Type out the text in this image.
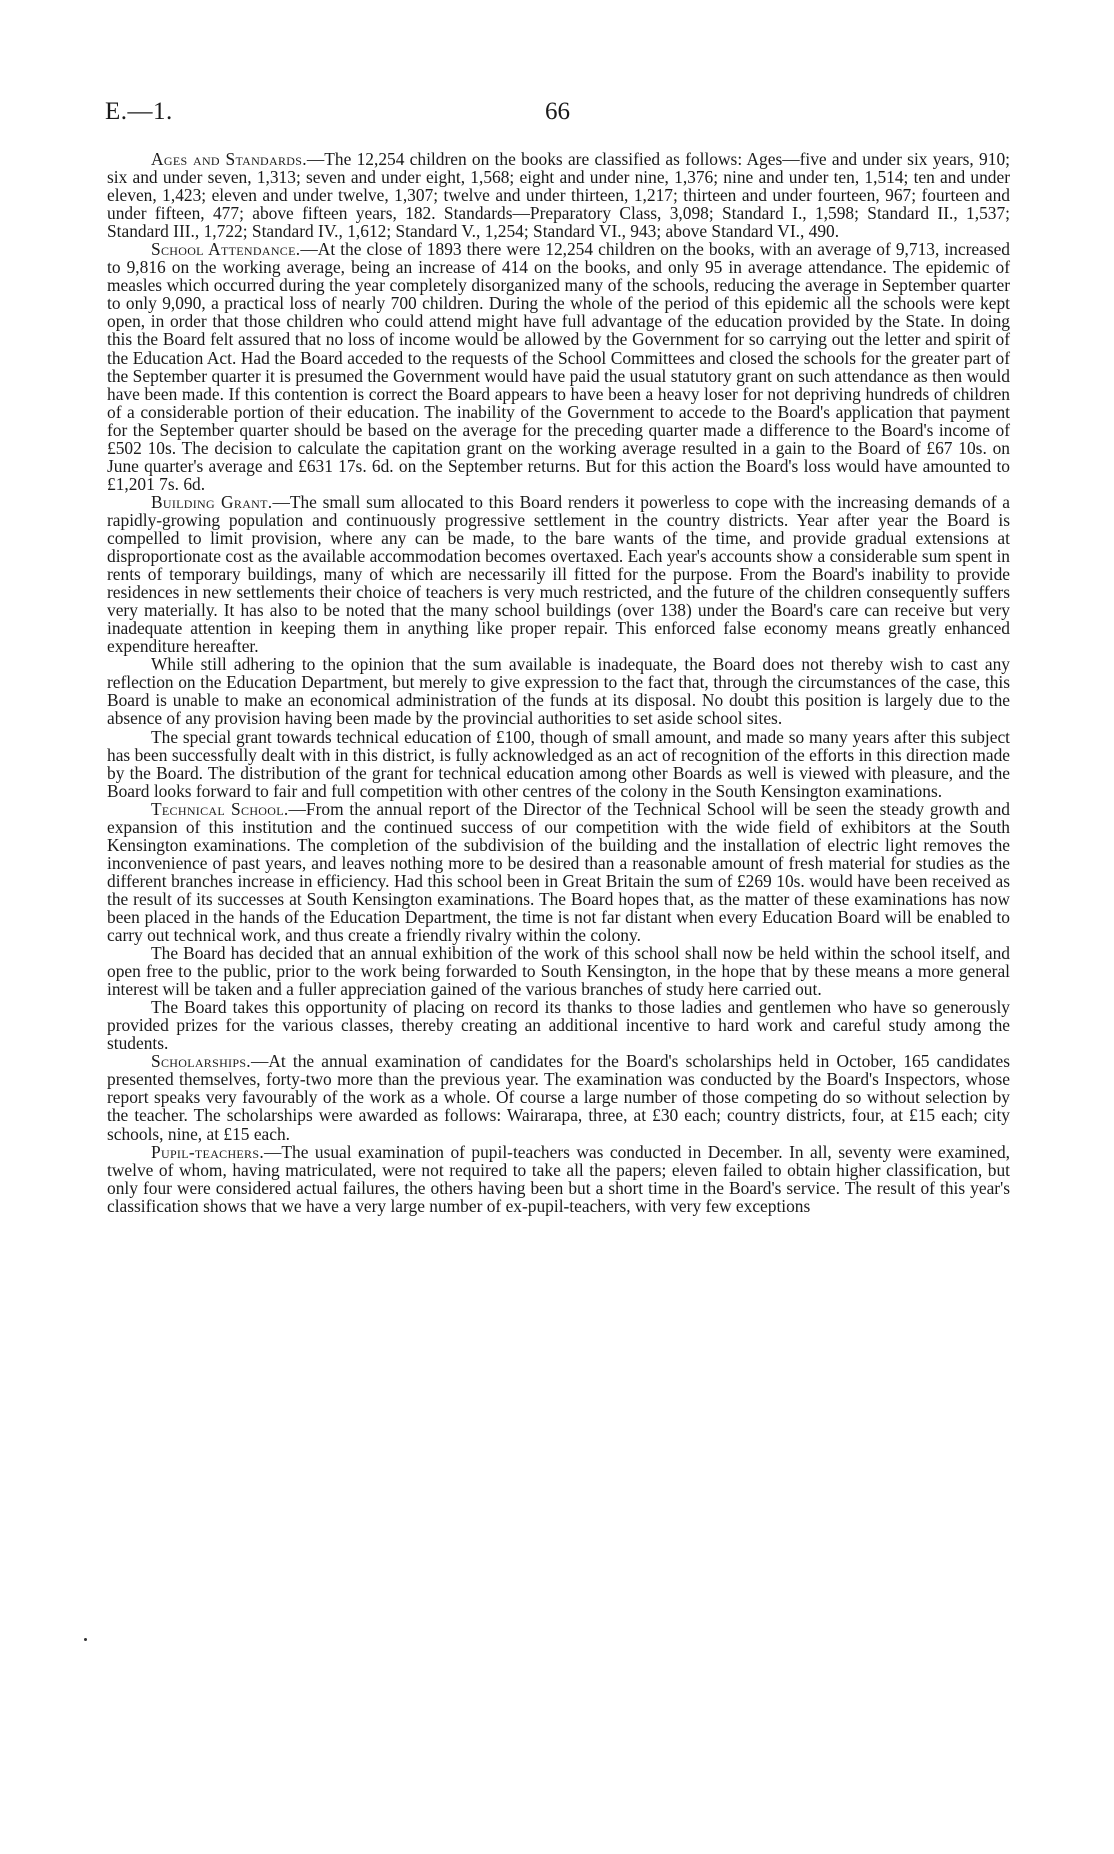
E.—1.	66

Ages and Standards.—The 12,254 children on the books are classified as follows: Ages—five and under six years, 910; six and under seven, 1,313; seven and under eight, 1,568; eight and under nine, 1,376; nine and under ten, 1,514; ten and under eleven, 1,423; eleven and under twelve, 1,307; twelve and under thirteen, 1,217; thirteen and under fourteen, 967; fourteen and under fifteen, 477; above fifteen years, 182. Standards—Preparatory Class, 3,098; Standard I., 1,598; Standard II., 1,537; Standard III., 1,722; Standard IV., 1,612; Standard V., 1,254; Standard VI., 943; above Standard VI., 490.

School Attendance.—At the close of 1893 there were 12,254 children on the books, with an average of 9,713, increased to 9,816 on the working average, being an increase of 414 on the books, and only 95 in average attendance. The epidemic of measles which occurred during the year completely disorganized many of the schools, reducing the average in September quarter to only 9,090, a practical loss of nearly 700 children. During the whole of the period of this epidemic all the schools were kept open, in order that those children who could attend might have full advantage of the education provided by the State. In doing this the Board felt assured that no loss of income would be allowed by the Government for so carrying out the letter and spirit of the Education Act. Had the Board acceded to the requests of the School Committees and closed the schools for the greater part of the September quarter it is presumed the Government would have paid the usual statutory grant on such attendance as then would have been made. If this contention is correct the Board appears to have been a heavy loser for not depriving hundreds of children of a considerable portion of their education. The inability of the Government to accede to the Board's application that payment for the September quarter should be based on the average for the preceding quarter made a difference to the Board's income of £502 10s. The decision to calculate the capitation grant on the working average resulted in a gain to the Board of £67 10s. on June quarter's average and £631 17s. 6d. on the September returns. But for this action the Board's loss would have amounted to £1,201 7s. 6d.

Building Grant.—The small sum allocated to this Board renders it powerless to cope with the increasing demands of a rapidly-growing population and continuously progressive settlement in the country districts. Year after year the Board is compelled to limit provision, where any can be made, to the bare wants of the time, and provide gradual extensions at disproportionate cost as the available accommodation becomes overtaxed. Each year's accounts show a considerable sum spent in rents of temporary buildings, many of which are necessarily ill fitted for the purpose. From the Board's inability to provide residences in new settlements their choice of teachers is very much restricted, and the future of the children consequently suffers very materially. It has also to be noted that the many school buildings (over 138) under the Board's care can receive but very inadequate attention in keeping them in anything like proper repair. This enforced false economy means greatly enhanced expenditure hereafter.

While still adhering to the opinion that the sum available is inadequate, the Board does not thereby wish to cast any reflection on the Education Department, but merely to give expression to the fact that, through the circumstances of the case, this Board is unable to make an economical administration of the funds at its disposal. No doubt this position is largely due to the absence of any provision having been made by the provincial authorities to set aside school sites.

The special grant towards technical education of £100, though of small amount, and made so many years after this subject has been successfully dealt with in this district, is fully acknowledged as an act of recognition of the efforts in this direction made by the Board. The distribution of the grant for technical education among other Boards as well is viewed with pleasure, and the Board looks forward to fair and full competition with other centres of the colony in the South Kensington examinations.

Technical School.—From the annual report of the Director of the Technical School will be seen the steady growth and expansion of this institution and the continued success of our competition with the wide field of exhibitors at the South Kensington examinations. The completion of the subdivision of the building and the installation of electric light removes the inconvenience of past years, and leaves nothing more to be desired than a reasonable amount of fresh material for studies as the different branches increase in efficiency. Had this school been in Great Britain the sum of £269 10s. would have been received as the result of its successes at South Kensington examinations. The Board hopes that, as the matter of these examinations has now been placed in the hands of the Education Department, the time is not far distant when every Education Board will be enabled to carry out technical work, and thus create a friendly rivalry within the colony.

The Board has decided that an annual exhibition of the work of this school shall now be held within the school itself, and open free to the public, prior to the work being forwarded to South Kensington, in the hope that by these means a more general interest will be taken and a fuller appreciation gained of the various branches of study here carried out.

The Board takes this opportunity of placing on record its thanks to those ladies and gentlemen who have so generously provided prizes for the various classes, thereby creating an additional incentive to hard work and careful study among the students.

Scholarships.—At the annual examination of candidates for the Board's scholarships held in October, 165 candidates presented themselves, forty-two more than the previous year. The examination was conducted by the Board's Inspectors, whose report speaks very favourably of the work as a whole. Of course a large number of those competing do so without selection by the teacher. The scholarships were awarded as follows: Wairarapa, three, at £30 each; country districts, four, at £15 each; city schools, nine, at £15 each.

Pupil-teachers.—The usual examination of pupil-teachers was conducted in December. In all, seventy were examined, twelve of whom, having matriculated, were not required to take all the papers; eleven failed to obtain higher classification, but only four were considered actual failures, the others having been but a short time in the Board's service. The result of this year's classification shows that we have a very large number of ex-pupil-teachers, with very few exceptions
